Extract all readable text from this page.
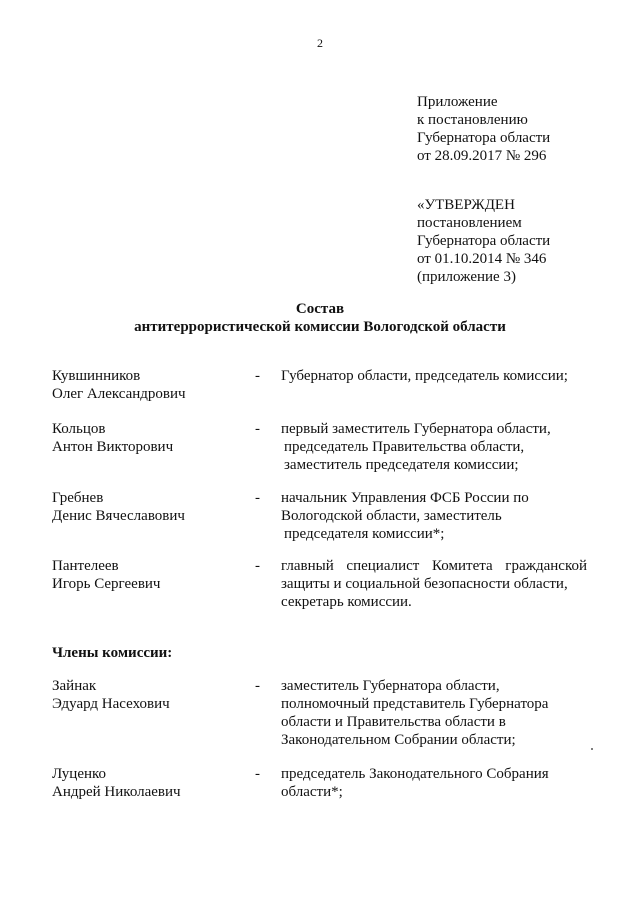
2
Приложение
к постановлению
Губернатора области
от 28.09.2017 № 296
«УТВЕРЖДЕН
постановлением
Губернатора области
от 01.10.2014 № 346
(приложение 3)
Состав
антитеррористической комиссии Вологодской области
Кувшинников
Олег Александрович
- Губернатор области, председатель комиссии;
Кольцов
Антон Викторович
- первый заместитель Губернатора области,
председатель Правительства области,
заместитель председателя комиссии;
Гребнев
Денис Вячеславович
- начальник Управления ФСБ России по
Вологодской области, заместитель
председателя комиссии*;
Пантелеев
Игорь Сергеевич
- главный специалист Комитета гражданской
защиты и социальной безопасности области,
секретарь комиссии.
Члены комиссии:
Зайнак
Эдуард Насехович
- заместитель Губернатора области,
полномочный представитель Губернатора
области и Правительства области в
Законодательном Собрании области;
Луценко
Андрей Николаевич
- председатель Законодательного Собрания
области*;
